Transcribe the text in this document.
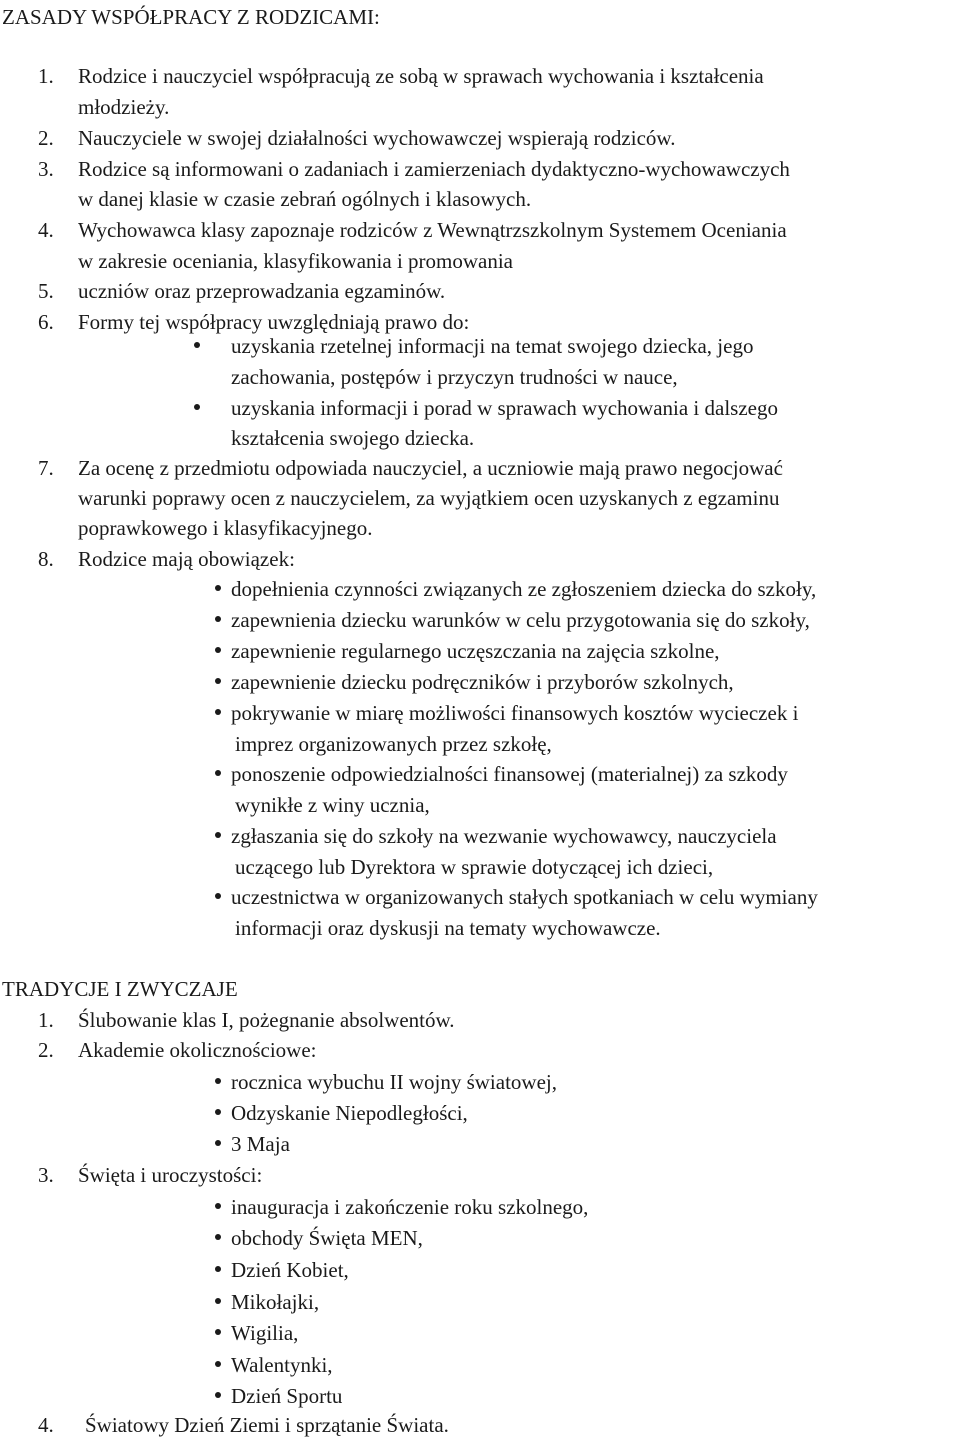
ZASADY WSPÓŁPRACY Z RODZICAMI:
1. Rodzice i nauczyciel współpracują ze sobą w sprawach wychowania i kształcenia
młodzieży.
2. Nauczyciele w swojej działalności wychowawczej wspierają rodziców.
3. Rodzice są informowani o zadaniach i zamierzeniach dydaktyczno-wychowawczych
w danej klasie w czasie zebrań ogólnych i klasowych.
4. Wychowawca klasy zapoznaje rodziców z Wewnątrzszkolnym Systemem Oceniania
w zakresie oceniania, klasyfikowania i promowania
5. uczniów oraz przeprowadzania egzaminów.
6. Formy tej współpracy uwzględniają prawo do:
uzyskania rzetelnej informacji na temat swojego dziecka, jego
zachowania, postępów i przyczyn trudności w nauce,
uzyskania informacji i porad w sprawach wychowania i dalszego
kształcenia swojego dziecka.
7. Za ocenę z przedmiotu odpowiada nauczyciel, a uczniowie mają prawo negocjować
warunki poprawy ocen z nauczycielem, za wyjątkiem ocen uzyskanych z egzaminu
poprawkowego i klasyfikacyjnego.
8. Rodzice mają obowiązek:
dopełnienia czynności związanych ze zgłoszeniem dziecka do szkoły,
zapewnienia dziecku warunków w celu przygotowania się do szkoły,
zapewnienie regularnego uczęszczania na zajęcia szkolne,
zapewnienie dziecku podręczników i przyborów szkolnych,
pokrywanie w miarę możliwości finansowych kosztów wycieczek i
imprez organizowanych przez szkołę,
ponoszenie odpowiedzialności finansowej (materialnej) za szkody
wynikłe z winy ucznia,
zgłaszania się do szkoły na wezwanie wychowawcy, nauczyciela
uczącego lub Dyrektora w sprawie dotyczącej ich dzieci,
uczestnictwa w organizowanych stałych spotkaniach w celu wymiany
informacji oraz dyskusji na tematy wychowawcze.
TRADYCJE I ZWYCZAJE
1. Ślubowanie klas I, pożegnanie absolwentów.
2. Akademie okolicznościowe:
rocznica wybuchu II wojny światowej,
Odzyskanie Niepodległości,
3 Maja
3. Święta i uroczystości:
inauguracja i zakończenie roku szkolnego,
obchody Święta MEN,
Dzień Kobiet,
Mikołajki,
Wigilia,
Walentynki,
Dzień Sportu
4. Światowy Dzień Ziemi i sprzątanie Świata.
